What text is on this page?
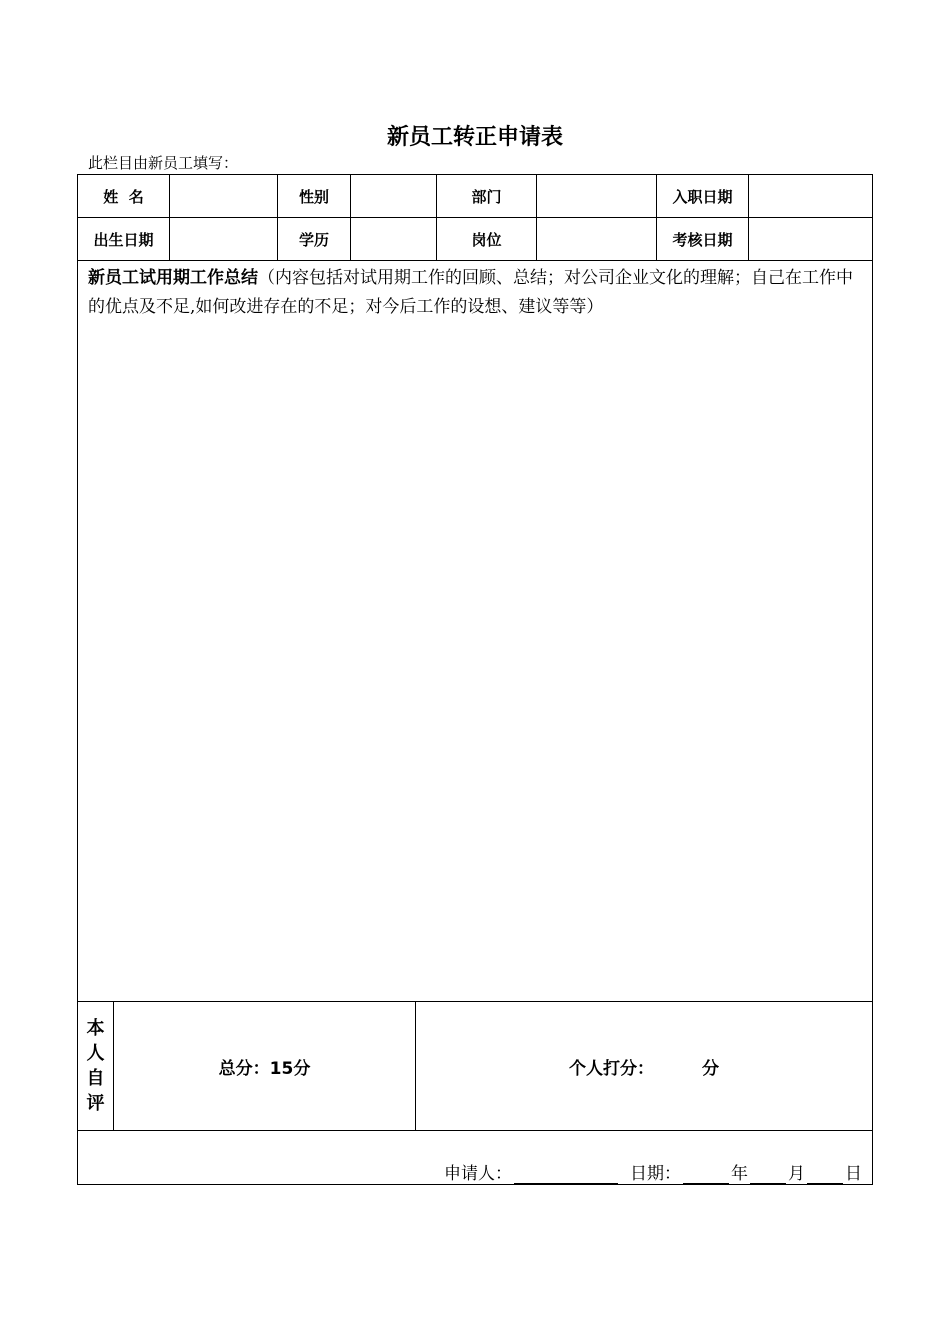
新员工转正申请表
此栏目由新员工填写：
姓  名	性别	部门	入职日期
出生日期	学历	岗位	考核日期
新员工试用期工作总结（内容包括对试用期工作的回顾、总结；对公司企业文化的理解；自己在工作中的优点及不足,如何改进存在的不足；对今后工作的设想、建议等等）
本
人
自
评
总分：15分	个人打分：	分
申请人：	日期：	年 月 日
